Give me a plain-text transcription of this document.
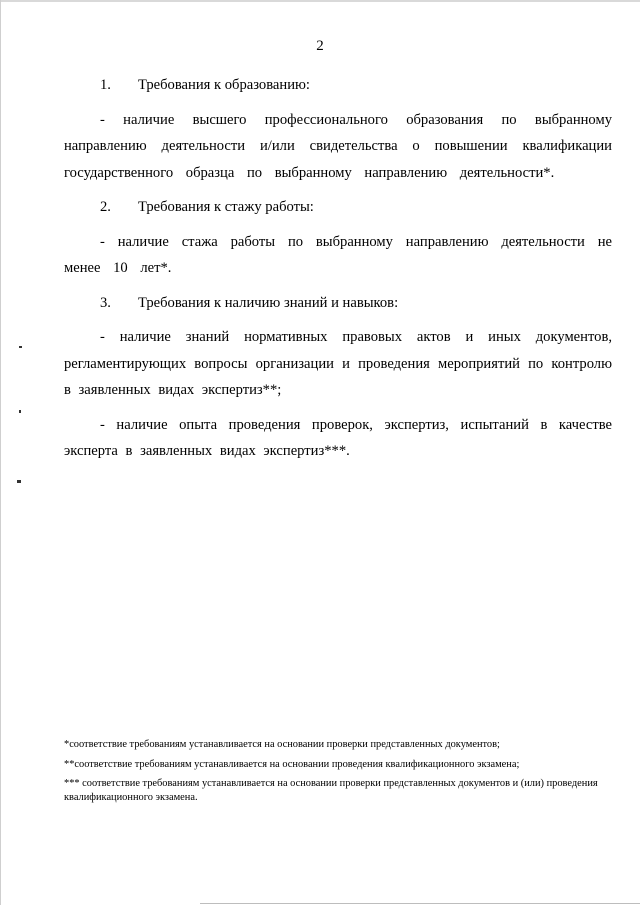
2
1.	Требования к образованию:

- наличие высшего профессионального образования по выбранному направлению деятельности и/или свидетельства о повышении квалификации государственного образца по выбранному направлению деятельности*.

2.	Требования к стажу работы:

- наличие стажа работы по выбранному направлению деятельности не менее 10 лет*.

3.	Требования к наличию знаний и навыков:

- наличие знаний нормативных правовых актов и иных документов, регламентирующих вопросы организации и проведения мероприятий по контролю в заявленных видах экспертиз**;

- наличие опыта проведения проверок, экспертиз, испытаний в качестве эксперта в заявленных видах экспертиз***.

*соответствие требованиям устанавливается на основании проверки представленных документов;

**соответствие требованиям устанавливается на основании проведения квалификационного экзамена;

*** соответствие требованиям устанавливается на основании проверки представленных документов и (или) проведения квалификационного экзамена.
